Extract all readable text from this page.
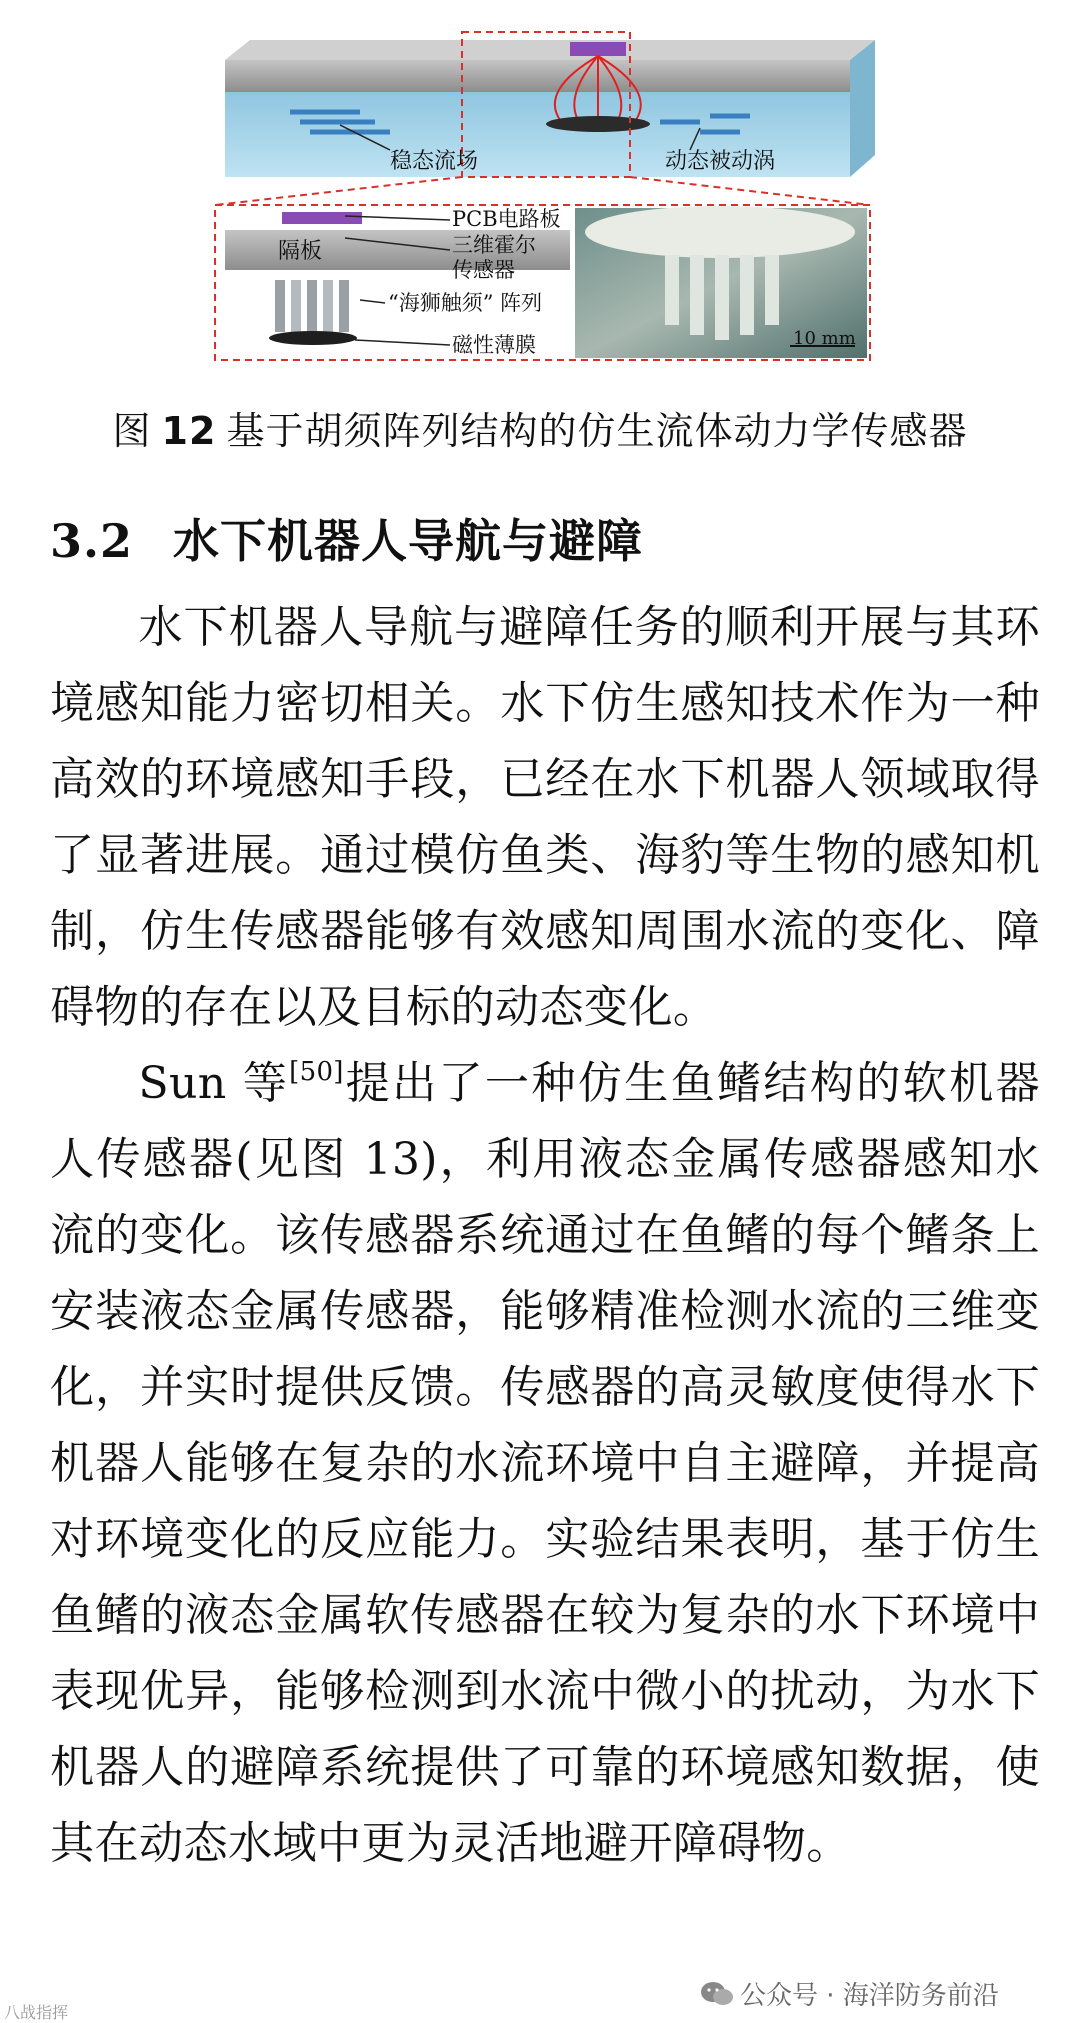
稳态流场	动态被动涡
隔板
PCB电路板
三维霍尔
传感器
“海狮触须” 阵列
磁性薄膜	10 mm
图 12 基于胡须阵列结构的仿生流体动力学传感器
3.2 水下机器人导航与避障

水下机器人导航与避障任务的顺利开展与其环境感知能力密切相关。水下仿生感知技术作为一种高效的环境感知手段，已经在水下机器人领域取得了显著进展。通过模仿鱼类、海豹等生物的感知机制，仿生传感器能够有效感知周围水流的变化、障碍物的存在以及目标的动态变化。

Sun 等[50]提出了一种仿生鱼鳍结构的软机器人传感器(见图 13)，利用液态金属传感器感知水流的变化。该传感器系统通过在鱼鳍的每个鳍条上安装液态金属传感器，能够精准检测水流的三维变化，并实时提供反馈。传感器的高灵敏度使得水下机器人能够在复杂的水流环境中自主避障，并提高对环境变化的反应能力。实验结果表明，基于仿生鱼鳍的液态金属软传感器在较为复杂的水下环境中表现优异，能够检测到水流中微小的扰动，为水下机器人的避障系统提供了可靠的环境感知数据，使其在动态水域中更为灵活地避开障碍物。

公众号 · 海洋防务前沿
八战指挥
